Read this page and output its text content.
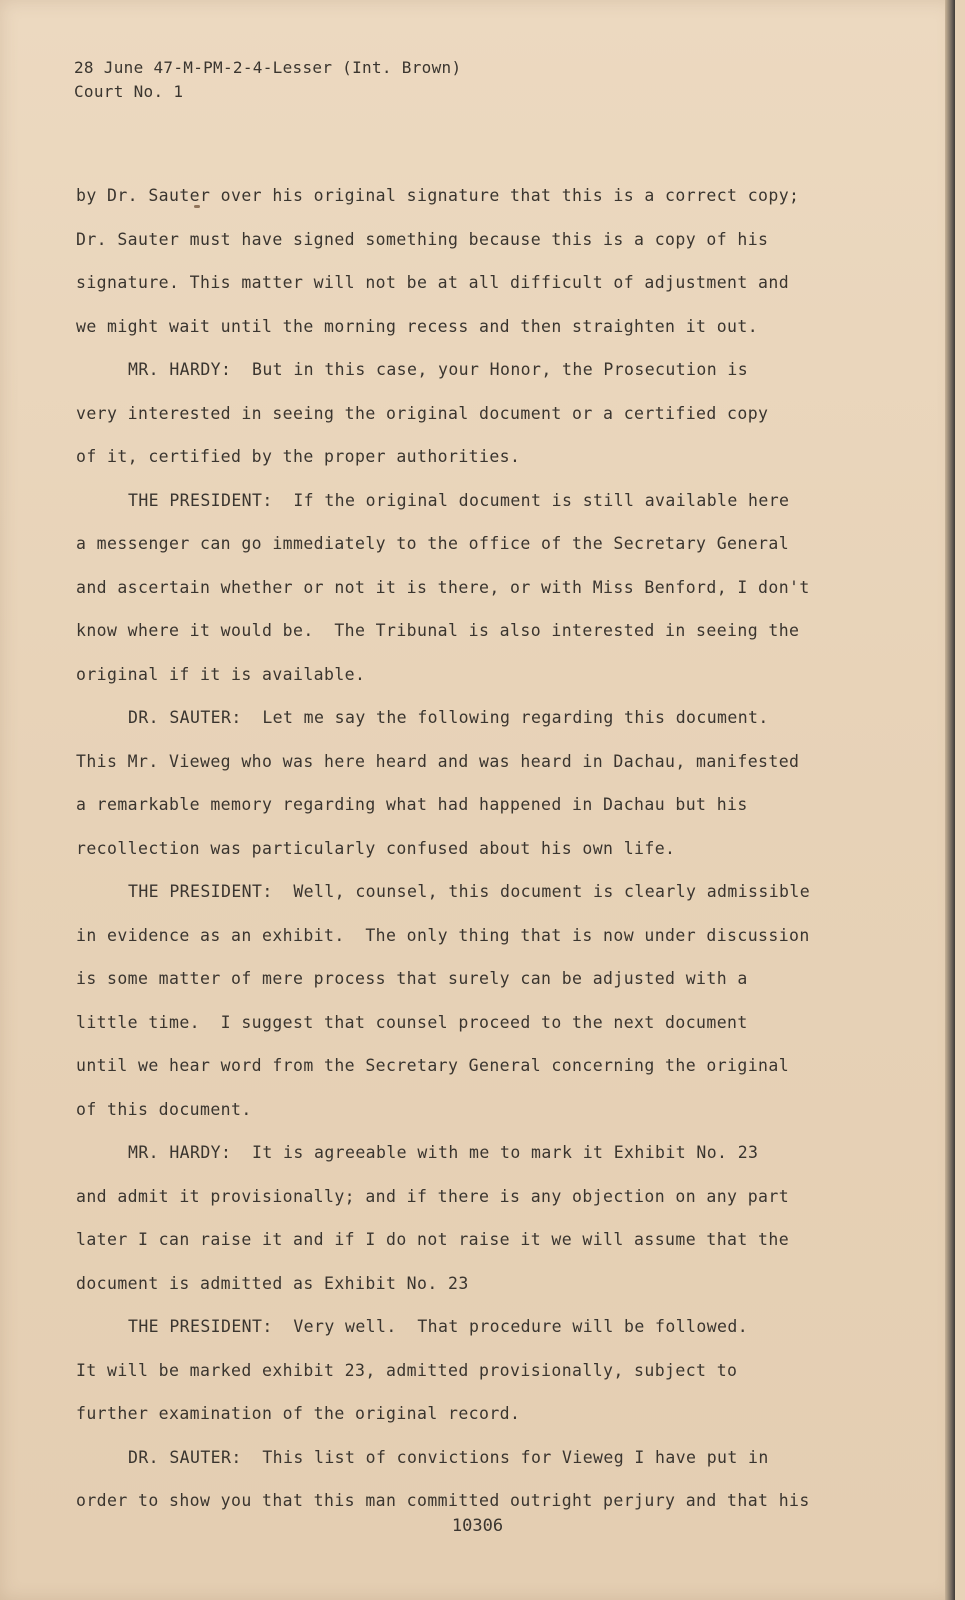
28 June 47-M-PM-2-4-Lesser (Int. Brown)
Court No. 1
by Dr. Sauter over his original signature that this is a correct copy;
Dr. Sauter must have signed something because this is a copy of his
signature. This matter will not be at all difficult of adjustment and
we might wait until the morning recess and then straighten it out.
MR. HARDY:  But in this case, your Honor, the Prosecution is
very interested in seeing the original document or a certified copy
of it, certified by the proper authorities.
THE PRESIDENT:  If the original document is still available here
a messenger can go immediately to the office of the Secretary General
and ascertain whether or not it is there, or with Miss Benford, I don't
know where it would be.  The Tribunal is also interested in seeing the
original if it is available.
DR. SAUTER:  Let me say the following regarding this document.
This Mr. Vieweg who was here heard and was heard in Dachau, manifested
a remarkable memory regarding what had happened in Dachau but his
recollection was particularly confused about his own life.
THE PRESIDENT:  Well, counsel, this document is clearly admissible
in evidence as an exhibit.  The only thing that is now under discussion
is some matter of mere process that surely can be adjusted with a
little time.  I suggest that counsel proceed to the next document
until we hear word from the Secretary General concerning the original
of this document.
MR. HARDY:  It is agreeable with me to mark it Exhibit No. 23
and admit it provisionally; and if there is any objection on any part
later I can raise it and if I do not raise it we will assume that the
document is admitted as Exhibit No. 23
THE PRESIDENT:  Very well.  That procedure will be followed.
It will be marked exhibit 23, admitted provisionally, subject to
further examination of the original record.
DR. SAUTER:  This list of convictions for Vieweg I have put in
order to show you that this man committed outright perjury and that his
10306
